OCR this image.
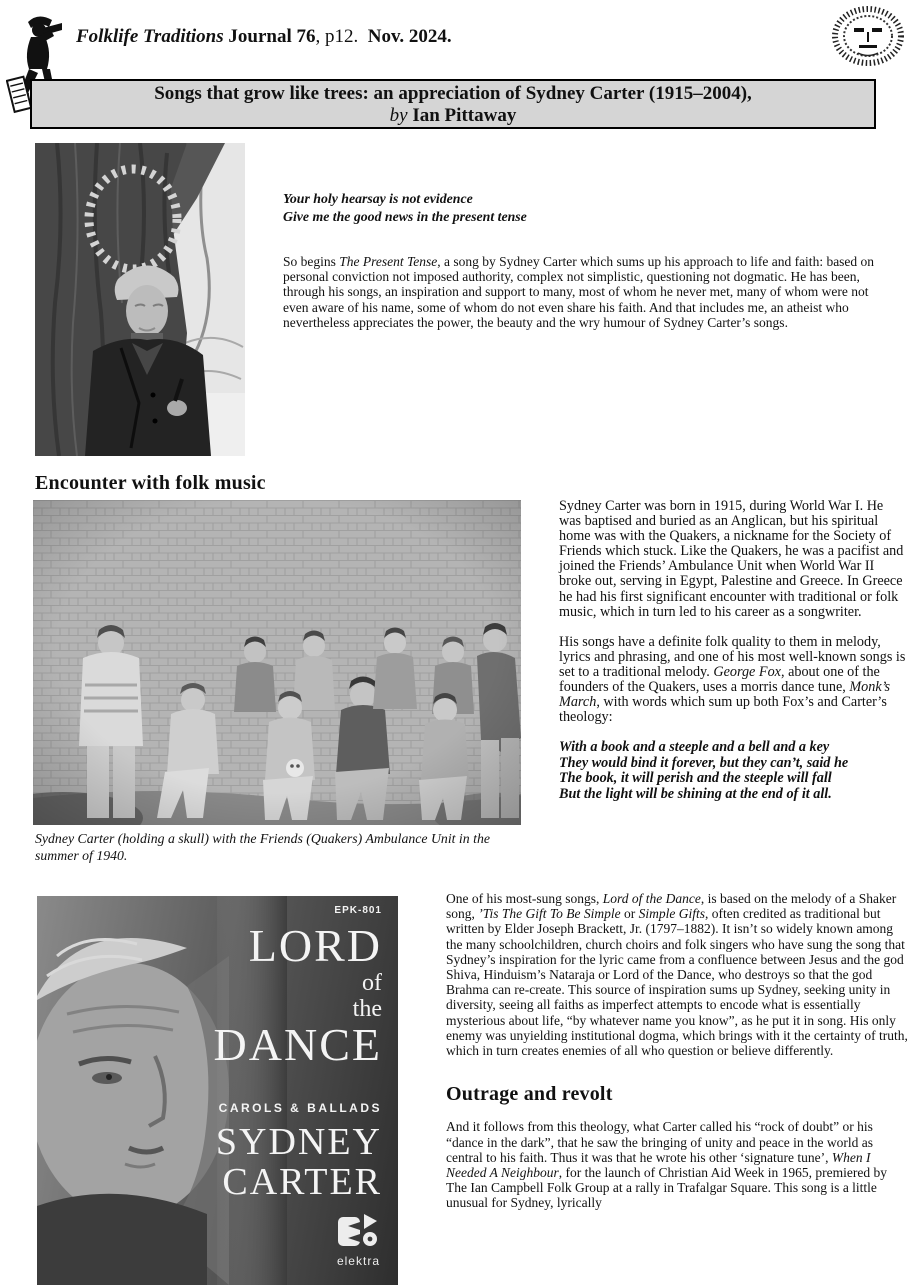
Folklife Traditions Journal 76, p12. Nov. 2024.
Songs that grow like trees: an appreciation of Sydney Carter (1915–2004),
by Ian Pittaway
Your holy hearsay is not evidence
Give me the good news in the present tense

So begins The Present Tense, a song by Sydney Carter which sums up his approach to life and faith: based on personal conviction not imposed authority, complex not simplistic, questioning not dogmatic. He has been, through his songs, an inspiration and support to many, most of whom he never met, many of whom were not even aware of his name, some of whom do not even share his faith. And that includes me, an atheist who nevertheless appreciates the power, the beauty and the wry humour of Sydney Carter’s songs.

Encounter with folk music

Sydney Carter was born in 1915, during World War I. He was baptised and buried as an Anglican, but his spiritual home was with the Quakers, a nickname for the Society of Friends which stuck. Like the Quakers, he was a pacifist and joined the Friends’ Ambulance Unit when World War II broke out, serving in Egypt, Palestine and Greece. In Greece he had his first significant encounter with traditional or folk music, which in turn led to his career as a songwriter.

His songs have a definite folk quality to them in melody, lyrics and phrasing, and one of his most well-known songs is set to a traditional melody. George Fox, about one of the founders of the Quakers, uses a morris dance tune, Monk’s March, with words which sum up both Fox’s and Carter’s theology:

With a book and a steeple and a bell and a key
They would bind it forever, but they can’t, said he
The book, it will perish and the steeple will fall
But the light will be shining at the end of it all.
Sydney Carter (holding a skull) with the Friends (Quakers) Ambulance Unit in the summer of 1940.
EPK-801
LORD
of
the
DANCE
CAROLS & BALLADS
SYDNEY
CARTER
elektra

One of his most-sung songs, Lord of the Dance, is based on the melody of a Shaker song, ’Tis The Gift To Be Simple or Simple Gifts, often credited as traditional but written by Elder Joseph Brackett, Jr. (1797–1882). It isn’t so widely known among the many schoolchildren, church choirs and folk singers who have sung the song that Sydney’s inspiration for the lyric came from a confluence between Jesus and the god Shiva, Hinduism’s Nataraja or Lord of the Dance, who destroys so that the god Brahma can re-create. This source of inspiration sums up Sydney, seeking unity in diversity, seeing all faiths as imperfect attempts to encode what is essentially mysterious about life, “by whatever name you know”, as he put it in song. His only enemy was unyielding institutional dogma, which brings with it the certainty of truth, which in turn creates enemies of all who question or believe differently.

Outrage and revolt

And it follows from this theology, what Carter called his “rock of doubt” or his “dance in the dark”, that he saw the bringing of unity and peace in the world as central to his faith. Thus it was that he wrote his other ‘signature tune’, When I Needed A Neighbour, for the launch of Christian Aid Week in 1965, premiered by The Ian Campbell Folk Group at a rally in Trafalgar Square. This song is a little unusual for Sydney, lyrically
